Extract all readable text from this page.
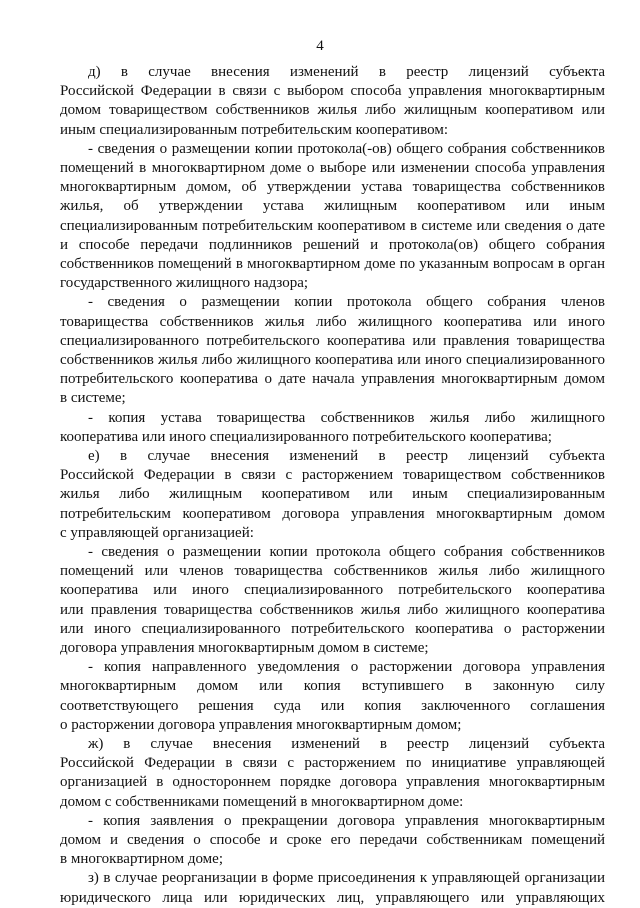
4
д) в случае внесения изменений в реестр лицензий субъекта
Российской Федерации в связи с выбором способа управления многоквартирным
домом товариществом собственников жилья либо жилищным кооперативом или
иным специализированным потребительским кооперативом:
- сведения о размещении копии протокола(-ов) общего собрания собственников
помещений в многоквартирном доме о выборе или изменении способа управления
многоквартирным домом, об утверждении устава товарищества собственников
жилья, об утверждении устава жилищным кооперативом или иным
специализированным потребительским кооперативом в системе или сведения о дате
и способе передачи подлинников решений и протокола(ов) общего собрания
собственников помещений в многоквартирном доме по указанным вопросам в орган
государственного жилищного надзора;
- сведения о размещении копии протокола общего собрания членов
товарищества собственников жилья либо жилищного кооператива или иного
специализированного потребительского кооператива или правления товарищества
собственников жилья либо жилищного кооператива или иного специализированного
потребительского кооператива о дате начала управления многоквартирным домом
в системе;
- копия устава товарищества собственников жилья либо жилищного
кооператива или иного специализированного потребительского кооператива;
е) в случае внесения изменений в реестр лицензий субъекта
Российской Федерации в связи с расторжением товариществом собственников
жилья либо жилищным кооперативом или иным специализированным
потребительским кооперативом договора управления многоквартирным домом
с управляющей организацией:
- сведения о размещении копии протокола общего собрания собственников
помещений или членов товарищества собственников жилья либо жилищного
кооператива или иного специализированного потребительского кооператива
или правления товарищества собственников жилья либо жилищного кооператива
или иного специализированного потребительского кооператива о расторжении
договора управления многоквартирным домом в системе;
- копия направленного уведомления о расторжении договора управления
многоквартирным домом или копия вступившего в законную силу
соответствующего решения суда или копия заключенного соглашения
о расторжении договора управления многоквартирным домом;
ж) в случае внесения изменений в реестр лицензий субъекта
Российской Федерации в связи с расторжением по инициативе управляющей
организацией в одностороннем порядке договора управления многоквартирным
домом с собственниками помещений в многоквартирном доме:
- копия заявления о прекращении договора управления многоквартирным
домом и сведения о способе и сроке его передачи собственникам помещений
в многоквартирном доме;
з) в случае реорганизации в форме присоединения к управляющей организации
юридического лица или юридических лиц, управляющего или управляющих
